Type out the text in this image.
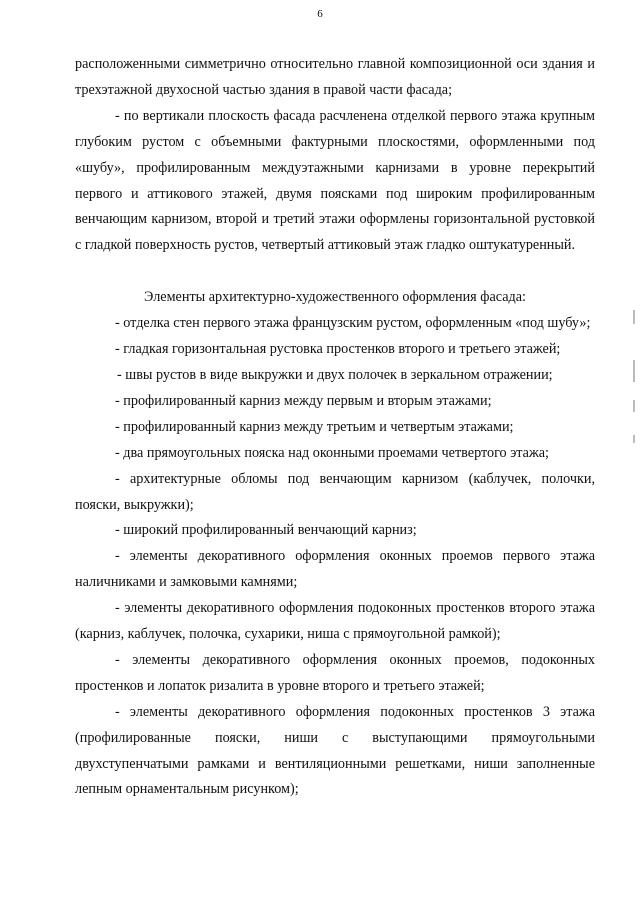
6

расположенными симметрично относительно главной композиционной оси здания и трехэтажной двухосной частью здания в правой части фасада;

- по вертикали плоскость фасада расчленена отделкой первого этажа крупным глубоким рустом с объемными фактурными плоскостями, оформленными под «шубу», профилированным междуэтажными карнизами в уровне перекрытий первого и аттикового этажей, двумя поясками под широким профилированным венчающим карнизом, второй и третий этажи оформлены горизонтальной рустовкой с гладкой поверхность рустов, четвертый аттиковый этаж гладко оштукатуренный.

Элементы архитектурно-художественного оформления фасада:

- отделка стен первого этажа французским рустом, оформленным «под шубу»;

- гладкая горизонтальная рустовка простенков второго и третьего этажей;

- швы рустов в виде выкружки и двух полочек в зеркальном отражении;

- профилированный карниз между первым и вторым этажами;

- профилированный карниз между третьим и четвертым этажами;

- два прямоугольных пояска над оконными проемами четвертого этажа;

- архитектурные обломы под венчающим карнизом (каблучек, полочки, пояски, выкружки);

- широкий профилированный венчающий карниз;

- элементы декоративного оформления оконных проемов первого этажа наличниками и замковыми камнями;

- элементы декоративного оформления подоконных простенков второго этажа (карниз, каблучек, полочка, сухарики, ниша с прямоугольной рамкой);

- элементы декоративного оформления оконных проемов, подоконных простенков и лопаток ризалита в уровне второго и третьего этажей;

- элементы декоративного оформления подоконных простенков 3 этажа (профилированные пояски, ниши с выступающими прямоугольными двухступенчатыми рамками и вентиляционными решетками, ниши заполненные лепным орнаментальным рисунком);
